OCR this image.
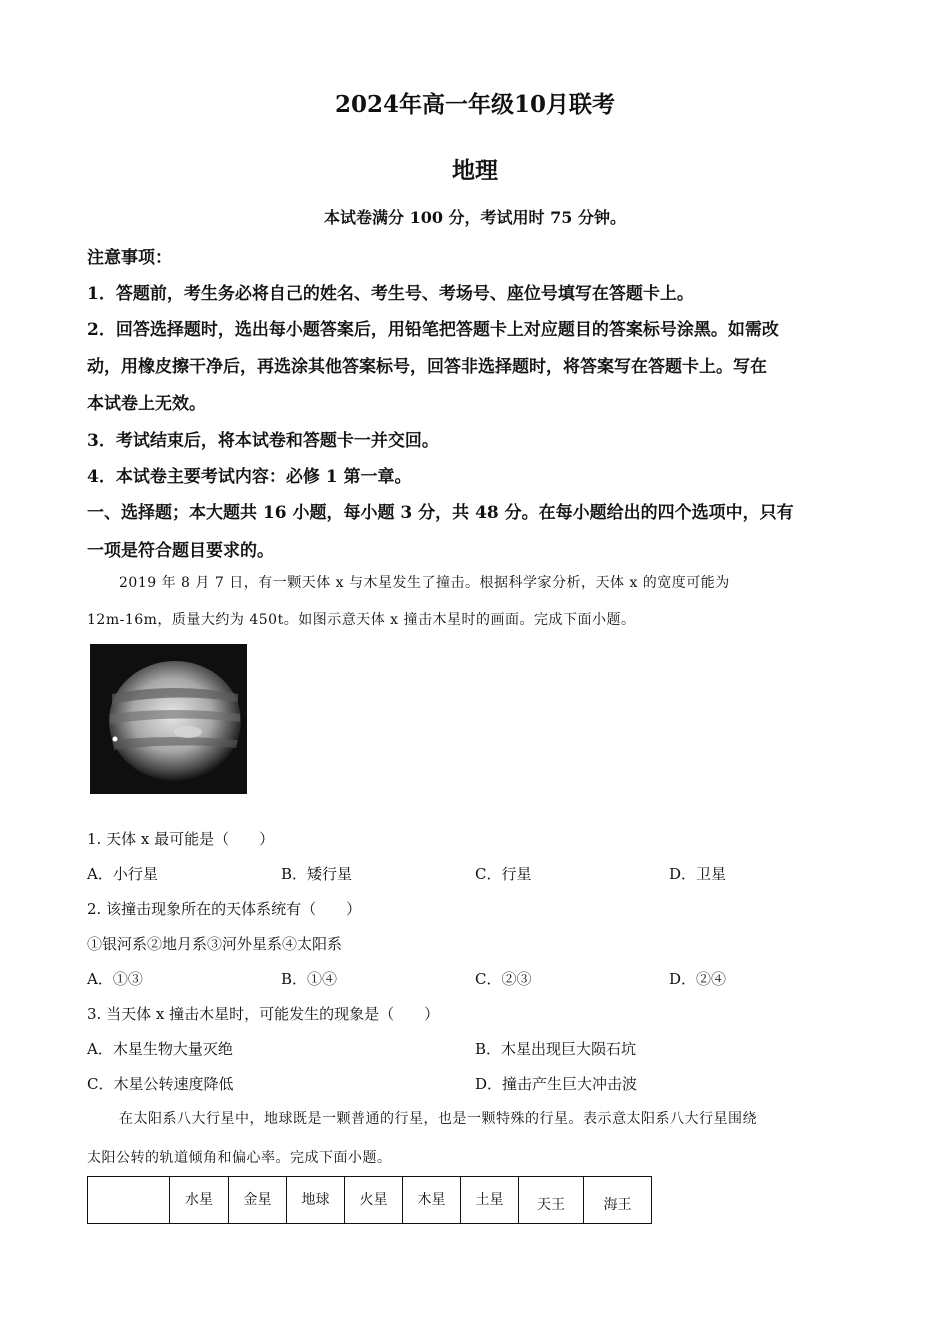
2024年高一年级10月联考
地理
本试卷满分 100 分，考试用时 75 分钟。
注意事项：
1．答题前，考生务必将自己的姓名、考生号、考场号、座位号填写在答题卡上。
2．回答选择题时，选出每小题答案后，用铅笔把答题卡上对应题目的答案标号涂黑。如需改
动，用橡皮擦干净后，再选涂其他答案标号，回答非选择题时，将答案写在答题卡上。写在
本试卷上无效。
3．考试结束后，将本试卷和答题卡一并交回。
4．本试卷主要考试内容：必修 1 第一章。
一、选择题；本大题共 16 小题，每小题 3 分，共 48 分。在每小题给出的四个选项中，只有
一项是符合题目要求的。
2019 年 8 月 7 日，有一颗天体 x 与木星发生了撞击。根据科学家分析，天体 x 的宽度可能为
12m-16m，质量大约为 450t。如图示意天体 x 撞击木星时的画面。完成下面小题。
1. 天体 x 最可能是（　　）
A．小行星	B．矮行星	C．行星	D．卫星
2. 该撞击现象所在的天体系统有（　　）
①银河系②地月系③河外星系④太阳系
A．①③	B．①④	C．②③	D．②④
3. 当天体 x 撞击木星时，可能发生的现象是（　　）
A．木星生物大量灭绝	B．木星出现巨大陨石坑
C．木星公转速度降低	D．撞击产生巨大冲击波
在太阳系八大行星中，地球既是一颗普通的行星，也是一颗特殊的行星。表示意太阳系八大行星围绕
太阳公转的轨道倾角和偏心率。完成下面小题。

水星	金星	地球	火星	木星	土星	天王	海王
